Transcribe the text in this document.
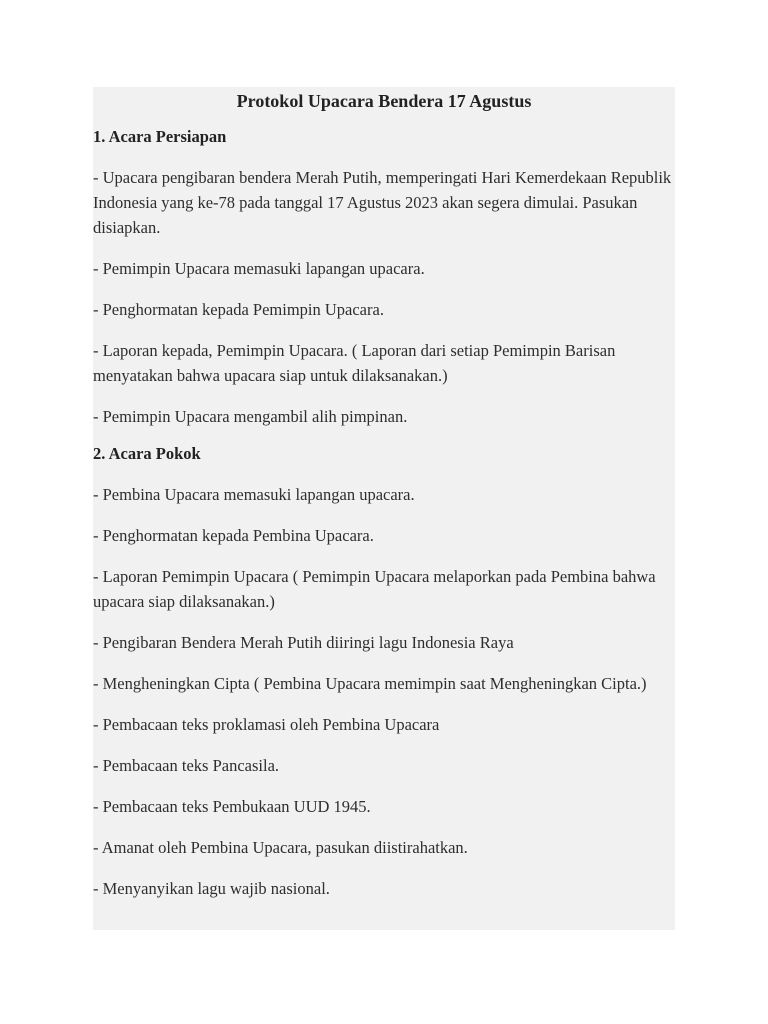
Protokol Upacara Bendera 17 Agustus
1. Acara Persiapan

- Upacara pengibaran bendera Merah Putih, memperingati Hari Kemerdekaan Republik Indonesia yang ke-78 pada tanggal 17 Agustus 2023 akan segera dimulai. Pasukan disiapkan.

- Pemimpin Upacara memasuki lapangan upacara.

- Penghormatan kepada Pemimpin Upacara.

- Laporan kepada, Pemimpin Upacara. ( Laporan dari setiap Pemimpin Barisan menyatakan bahwa upacara siap untuk dilaksanakan.)

- Pemimpin Upacara mengambil alih pimpinan.

2. Acara Pokok

- Pembina Upacara memasuki lapangan upacara.

- Penghormatan kepada Pembina Upacara.

- Laporan Pemimpin Upacara ( Pemimpin Upacara melaporkan pada Pembina bahwa upacara siap dilaksanakan.)

- Pengibaran Bendera Merah Putih diiringi lagu Indonesia Raya

- Mengheningkan Cipta ( Pembina Upacara memimpin saat Mengheningkan Cipta.)

- Pembacaan teks proklamasi oleh Pembina Upacara

- Pembacaan teks Pancasila.

- Pembacaan teks Pembukaan UUD 1945.

- Amanat oleh Pembina Upacara, pasukan diistirahatkan.

- Menyanyikan lagu wajib nasional.
